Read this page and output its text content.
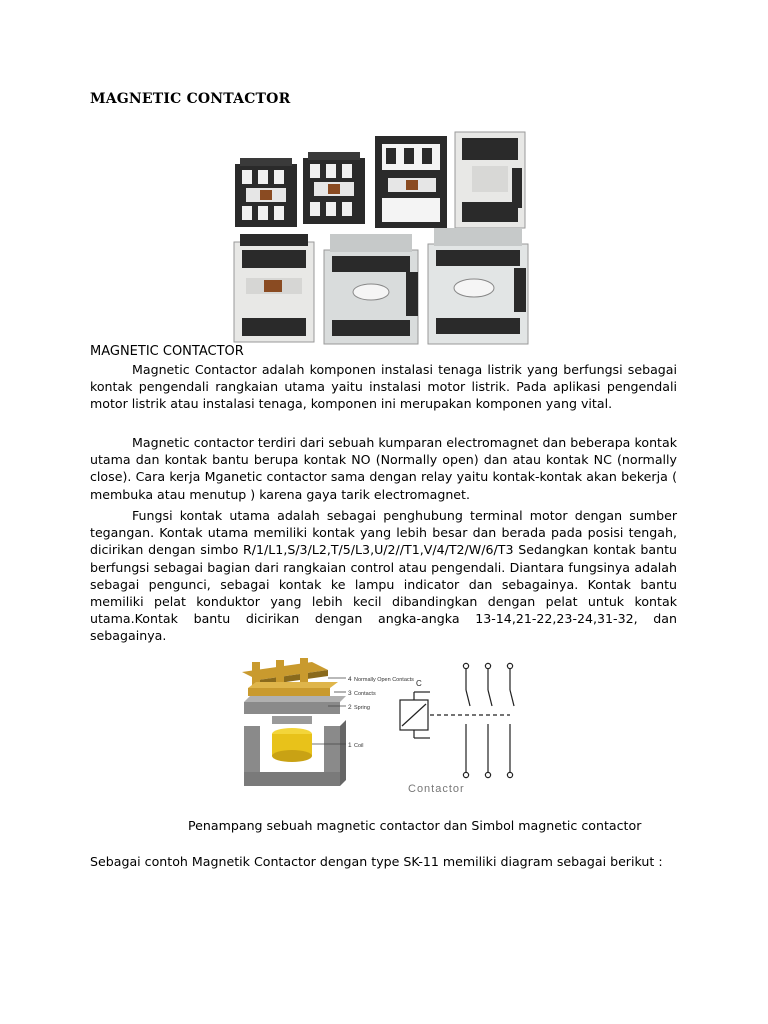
MAGNETIC CONTACTOR
MAGNETIC CONTACTOR

Magnetic Contactor adalah komponen instalasi tenaga listrik yang berfungsi sebagai kontak pengendali rangkaian utama yaitu instalasi motor listrik. Pada aplikasi pengendali motor listrik atau instalasi tenaga, komponen ini merupakan komponen yang vital.

Magnetic contactor terdiri dari sebuah kumparan electromagnet dan beberapa kontak utama dan kontak bantu berupa kontak NO (Normally open) dan atau kontak NC (normally close). Cara kerja Mganetic contactor sama dengan relay yaitu kontak-kontak akan bekerja ( membuka atau menutup ) karena gaya tarik electromagnet.

Fungsi kontak utama adalah sebagai penghubung terminal motor dengan sumber tegangan. Kontak utama memiliki kontak yang lebih besar dan berada pada posisi tengah, dicirikan dengan simbo R/1/L1,S/3/L2,T/5/L3,U/2//T1,V/4/T2/W/6/T3 Sedangkan kontak bantu berfungsi sebagai bagian dari rangkaian control atau pengendali. Diantara fungsinya adalah sebagai pengunci, sebagai kontak ke lampu indicator dan sebagainya. Kontak bantu memiliki pelat konduktor yang lebih kecil dibandingkan dengan pelat untuk kontak utama.Kontak bantu dicirikan dengan angka-angka 13-14,21-22,23-24,31-32, dan sebagainya.

4 Normally Open Contacts
3 Contacts
2 Spring
1 Coil
C
Contactor
Penampang sebuah magnetic contactor dan Simbol magnetic contactor

Sebagai contoh Magnetik Contactor dengan type SK-11 memiliki diagram sebagai berikut :
